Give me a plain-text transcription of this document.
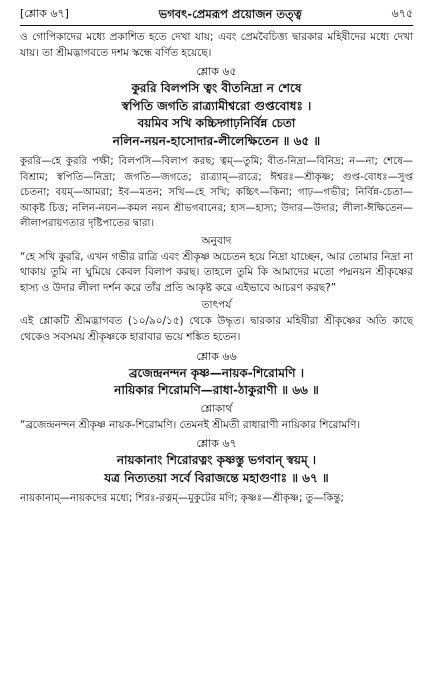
[শ্লোক ৬৭]	ভগবৎ-প্রেমরূপ প্রয়োজন তত্ত্ব	৬৭৫

ও গোপিকাদের মধ্যে প্রকাশিত হতে দেখা যায়; এবং প্রেমবৈচিত্ত্য দ্বারকার মহিষীদের মধ্যে দেখা যায়। তা শ্রীমদ্ভাগবতে দশম স্কন্ধে বর্ণিত হয়েছে।

শ্লোক ৬৫

কুররি বিলপসি ত্বং বীতনিদ্রা ন শেষে

স্বপিতি জগতি রাত্র্যামীশ্বরো গুপ্তবোধঃ ।

বয়মিব সখি কচ্চিদ্গাঢ়নির্বিন্ন চেতা

নলিন-নয়ন-হাসোদার-লীলেক্ষিতেন ॥ ৬৫ ॥

কুররি—হে কুররি পক্ষী; বিলপসি—বিলাপ করছ; ত্বম্—তুমি; বীত-নিদ্রা—বিনিদ্র; ন—না; শেষে—বিশ্রাম; স্বপিতি—নিদ্রা; জগতি—জগতে; রাত্র্যাম্—রাত্রে; ঈশ্বরঃ—শ্রীকৃষ্ণ; গুপ্ত-বোধঃ—সুপ্ত চেতনা; বয়ম্—আমরা; ইব—মতন; সখি—হে সখি; কচ্চিৎ—কিনা; গাঢ়—গভীর; নির্বিন্ন-চেতা—আকৃষ্ট চিত্ত; নলিন-নয়ন—কমল নয়ন শ্রীভগবানের; হাস—হাস্য; উদার—উদার; লীলা-ঈক্ষিতেন—লীলাপরায়ণতার দৃষ্টিপাতের দ্বারা।

অনুবাদ

“হে সখি কুররি, এখন গভীর রাত্রি এবং শ্রীকৃষ্ণ অচেতন হয়ে নিদ্রা যাচ্ছেন, আর তোমার নিদ্রা না থাকায় তুমি না ঘুমিয়ে কেবল বিলাপ করছ। তাহলে তুমি কি আমাদের মতো পদ্মনয়ন শ্রীকৃষ্ণের হাস্য ও উদার লীলা দর্শন করে তাঁর প্রতি আকৃষ্ট করে এইভাবে আচরণ করছ?”

তাৎপর্য

এই শ্লোকটি শ্রীমদ্ভাগবত (১০/৯০/১৫) থেকে উদ্ধৃত। দ্বারকার মহিষীরা শ্রীকৃষ্ণের অতি কাছে থেকেও সবসময় শ্রীকৃষ্ণকে হারাবার ভয়ে শঙ্কিত হতেন।

শ্লোক ৬৬

ব্রজেন্দ্রনন্দন কৃষ্ণ—নায়ক-শিরোমণি ।

নায়িকার শিরোমণি—রাধা-ঠাকুরাণী ॥ ৬৬ ॥

শ্লোকার্থ

“ব্রজেন্দ্রনন্দন শ্রীকৃষ্ণ নায়ক-শিরোমণি। তেমনই শ্রীমতী রাধারাণী নায়িকার শিরোমণি।

শ্লোক ৬৭

নায়কানাং শিরোরত্নং কৃষ্ণস্তু ভগবান্ স্বয়ম্ ।

যত্র নিত্যতয়া সর্বে বিরাজন্তে মহাগুণাঃ ॥ ৬৭ ॥

নায়কানাম্—নায়কদের মধ্যে; শিরঃ-রত্নম্—মুকুটের মণি; কৃষ্ণঃ—শ্রীকৃষ্ণ; তু—কিন্তু;
